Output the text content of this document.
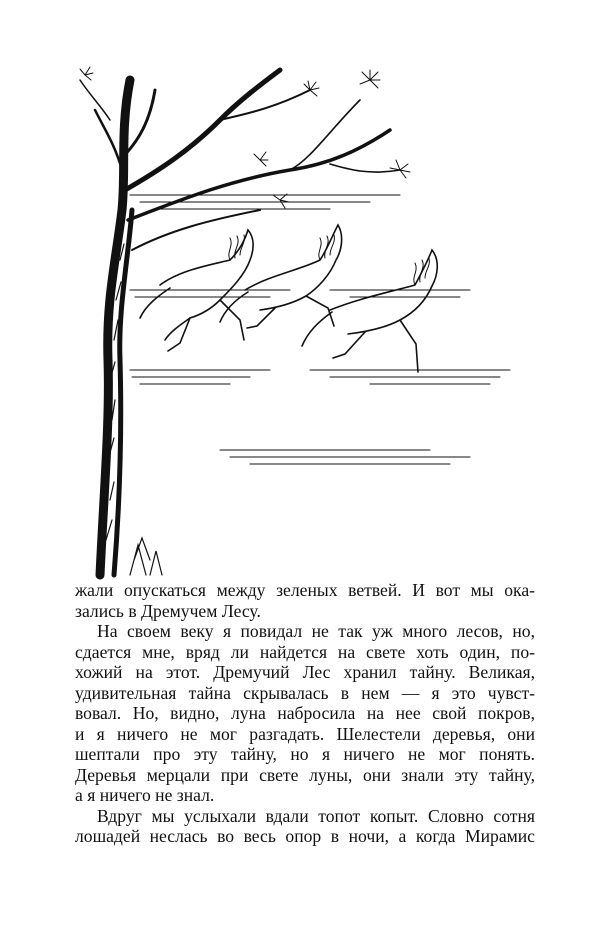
жали опускаться между зеленых ветвей. И вот мы ока-
зались в Дремучем Лесу.
На своем веку я повидал не так уж много лесов, но,
сдается мне, вряд ли найдется на свете хоть один, по-
хожий на этот. Дремучий Лес хранил тайну. Великая,
удивительная тайна скрывалась в нем — я это чувст-
вовал. Но, видно, луна набросила на нее свой покров,
и я ничего не мог разгадать. Шелестели деревья, они
шептали про эту тайну, но я ничего не мог понять.
Деревья мерцали при свете луны, они знали эту тайну,
а я ничего не знал.
Вдруг мы услыхали вдали топот копыт. Словно сотня
лошадей неслась во весь опор в ночи, а когда Мирамис
